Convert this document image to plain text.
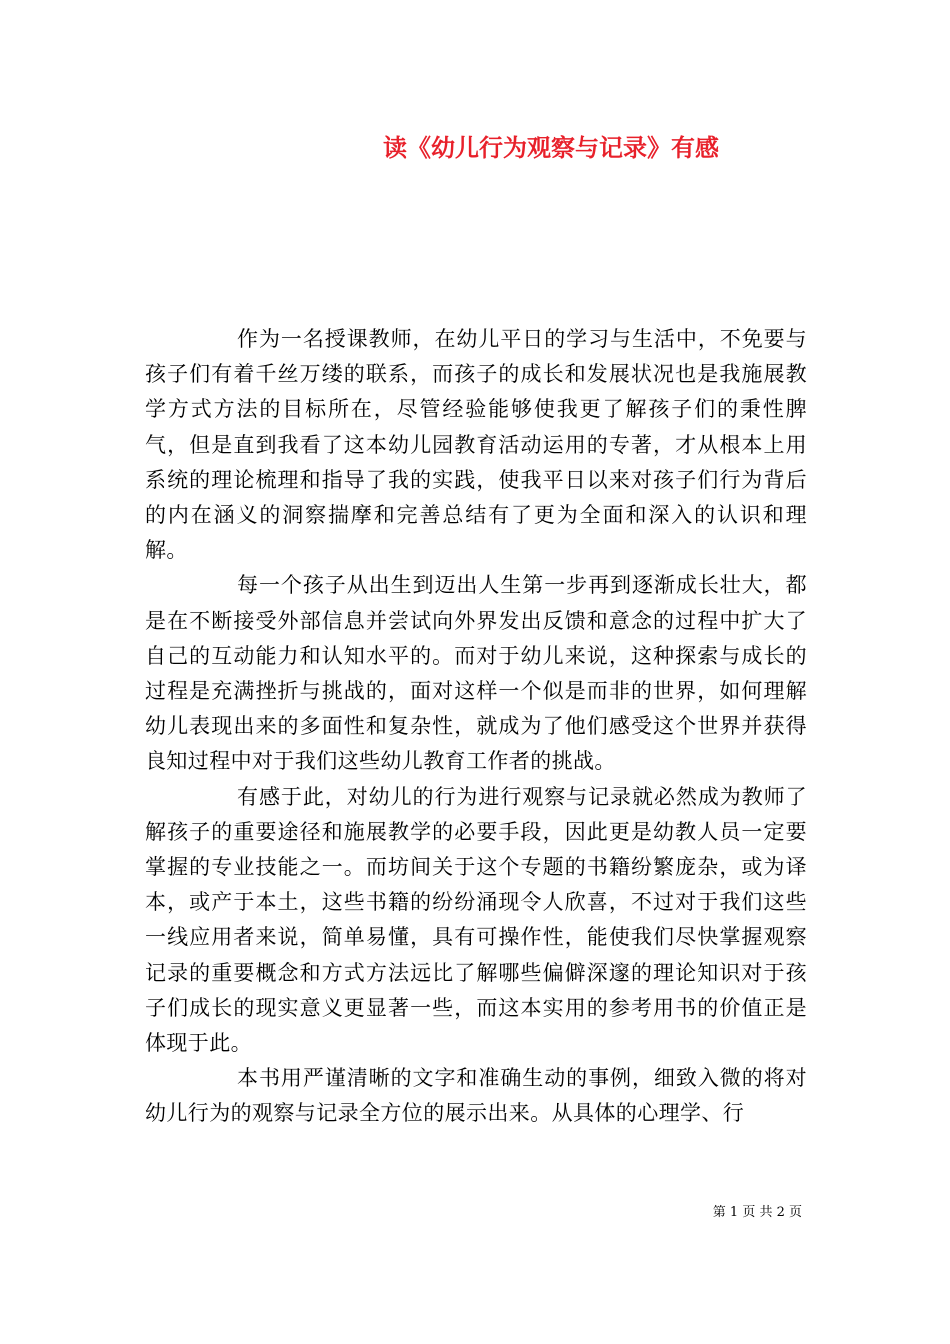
读《幼儿行为观察与记录》有感

作为一名授课教师，在幼儿平日的学习与生活中，不免要与孩子们有着千丝万缕的联系，而孩子的成长和发展状况也是我施展教学方式方法的目标所在，尽管经验能够使我更了解孩子们的秉性脾气，但是直到我看了这本幼儿园教育活动运用的专著，才从根本上用系统的理论梳理和指导了我的实践，使我平日以来对孩子们行为背后的内在涵义的洞察揣摩和完善总结有了更为全面和深入的认识和理解。

每一个孩子从出生到迈出人生第一步再到逐渐成长壮大，都是在不断接受外部信息并尝试向外界发出反馈和意念的过程中扩大了自己的互动能力和认知水平的。而对于幼儿来说，这种探索与成长的过程是充满挫折与挑战的，面对这样一个似是而非的世界，如何理解幼儿表现出来的多面性和复杂性，就成为了他们感受这个世界并获得良知过程中对于我们这些幼儿教育工作者的挑战。

有感于此，对幼儿的行为进行观察与记录就必然成为教师了解孩子的重要途径和施展教学的必要手段，因此更是幼教人员一定要掌握的专业技能之一。而坊间关于这个专题的书籍纷繁庞杂，或为译本，或产于本土，这些书籍的纷纷涌现令人欣喜，不过对于我们这些一线应用者来说，简单易懂，具有可操作性，能使我们尽快掌握观察记录的重要概念和方式方法远比了解哪些偏僻深邃的理论知识对于孩子们成长的现实意义更显著一些，而这本实用的参考用书的价值正是体现于此。

本书用严谨清晰的文字和准确生动的事例，细致入微的将对幼儿行为的观察与记录全方位的展示出来。从具体的心理学、行

第 1 页 共 2 页
